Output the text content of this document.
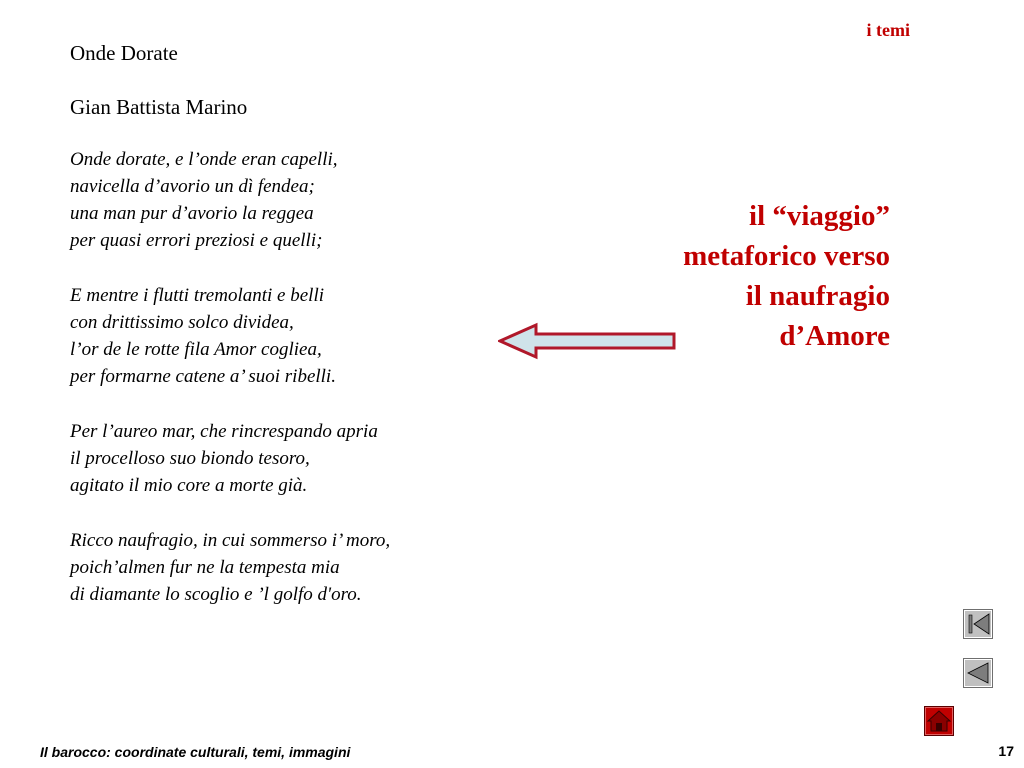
i temi

Onde Dorate

Gian Battista Marino

Onde dorate, e l’onde eran capelli,
navicella d’avorio un dì fendea;
una man pur d’avorio la reggea
per quasi errori preziosi e quelli;
E mentre i flutti tremolanti e belli
con drittissimo solco dividea,
l’or de le rotte fila Amor cogliea,
per formarne catene a’ suoi ribelli.
Per l’aureo mar, che rincrespando apria
il procelloso suo biondo tesoro,
agitato il mio core a morte già.
Ricco naufragio, in cui sommerso i’ moro,
poich’almen fur ne la tempesta mia
di diamante lo scoglio e ’l golfo d'oro.
il “viaggio”
metaforico verso
il naufragio
d’Amore
Il barocco: coordinate culturali, temi, immagini	17
